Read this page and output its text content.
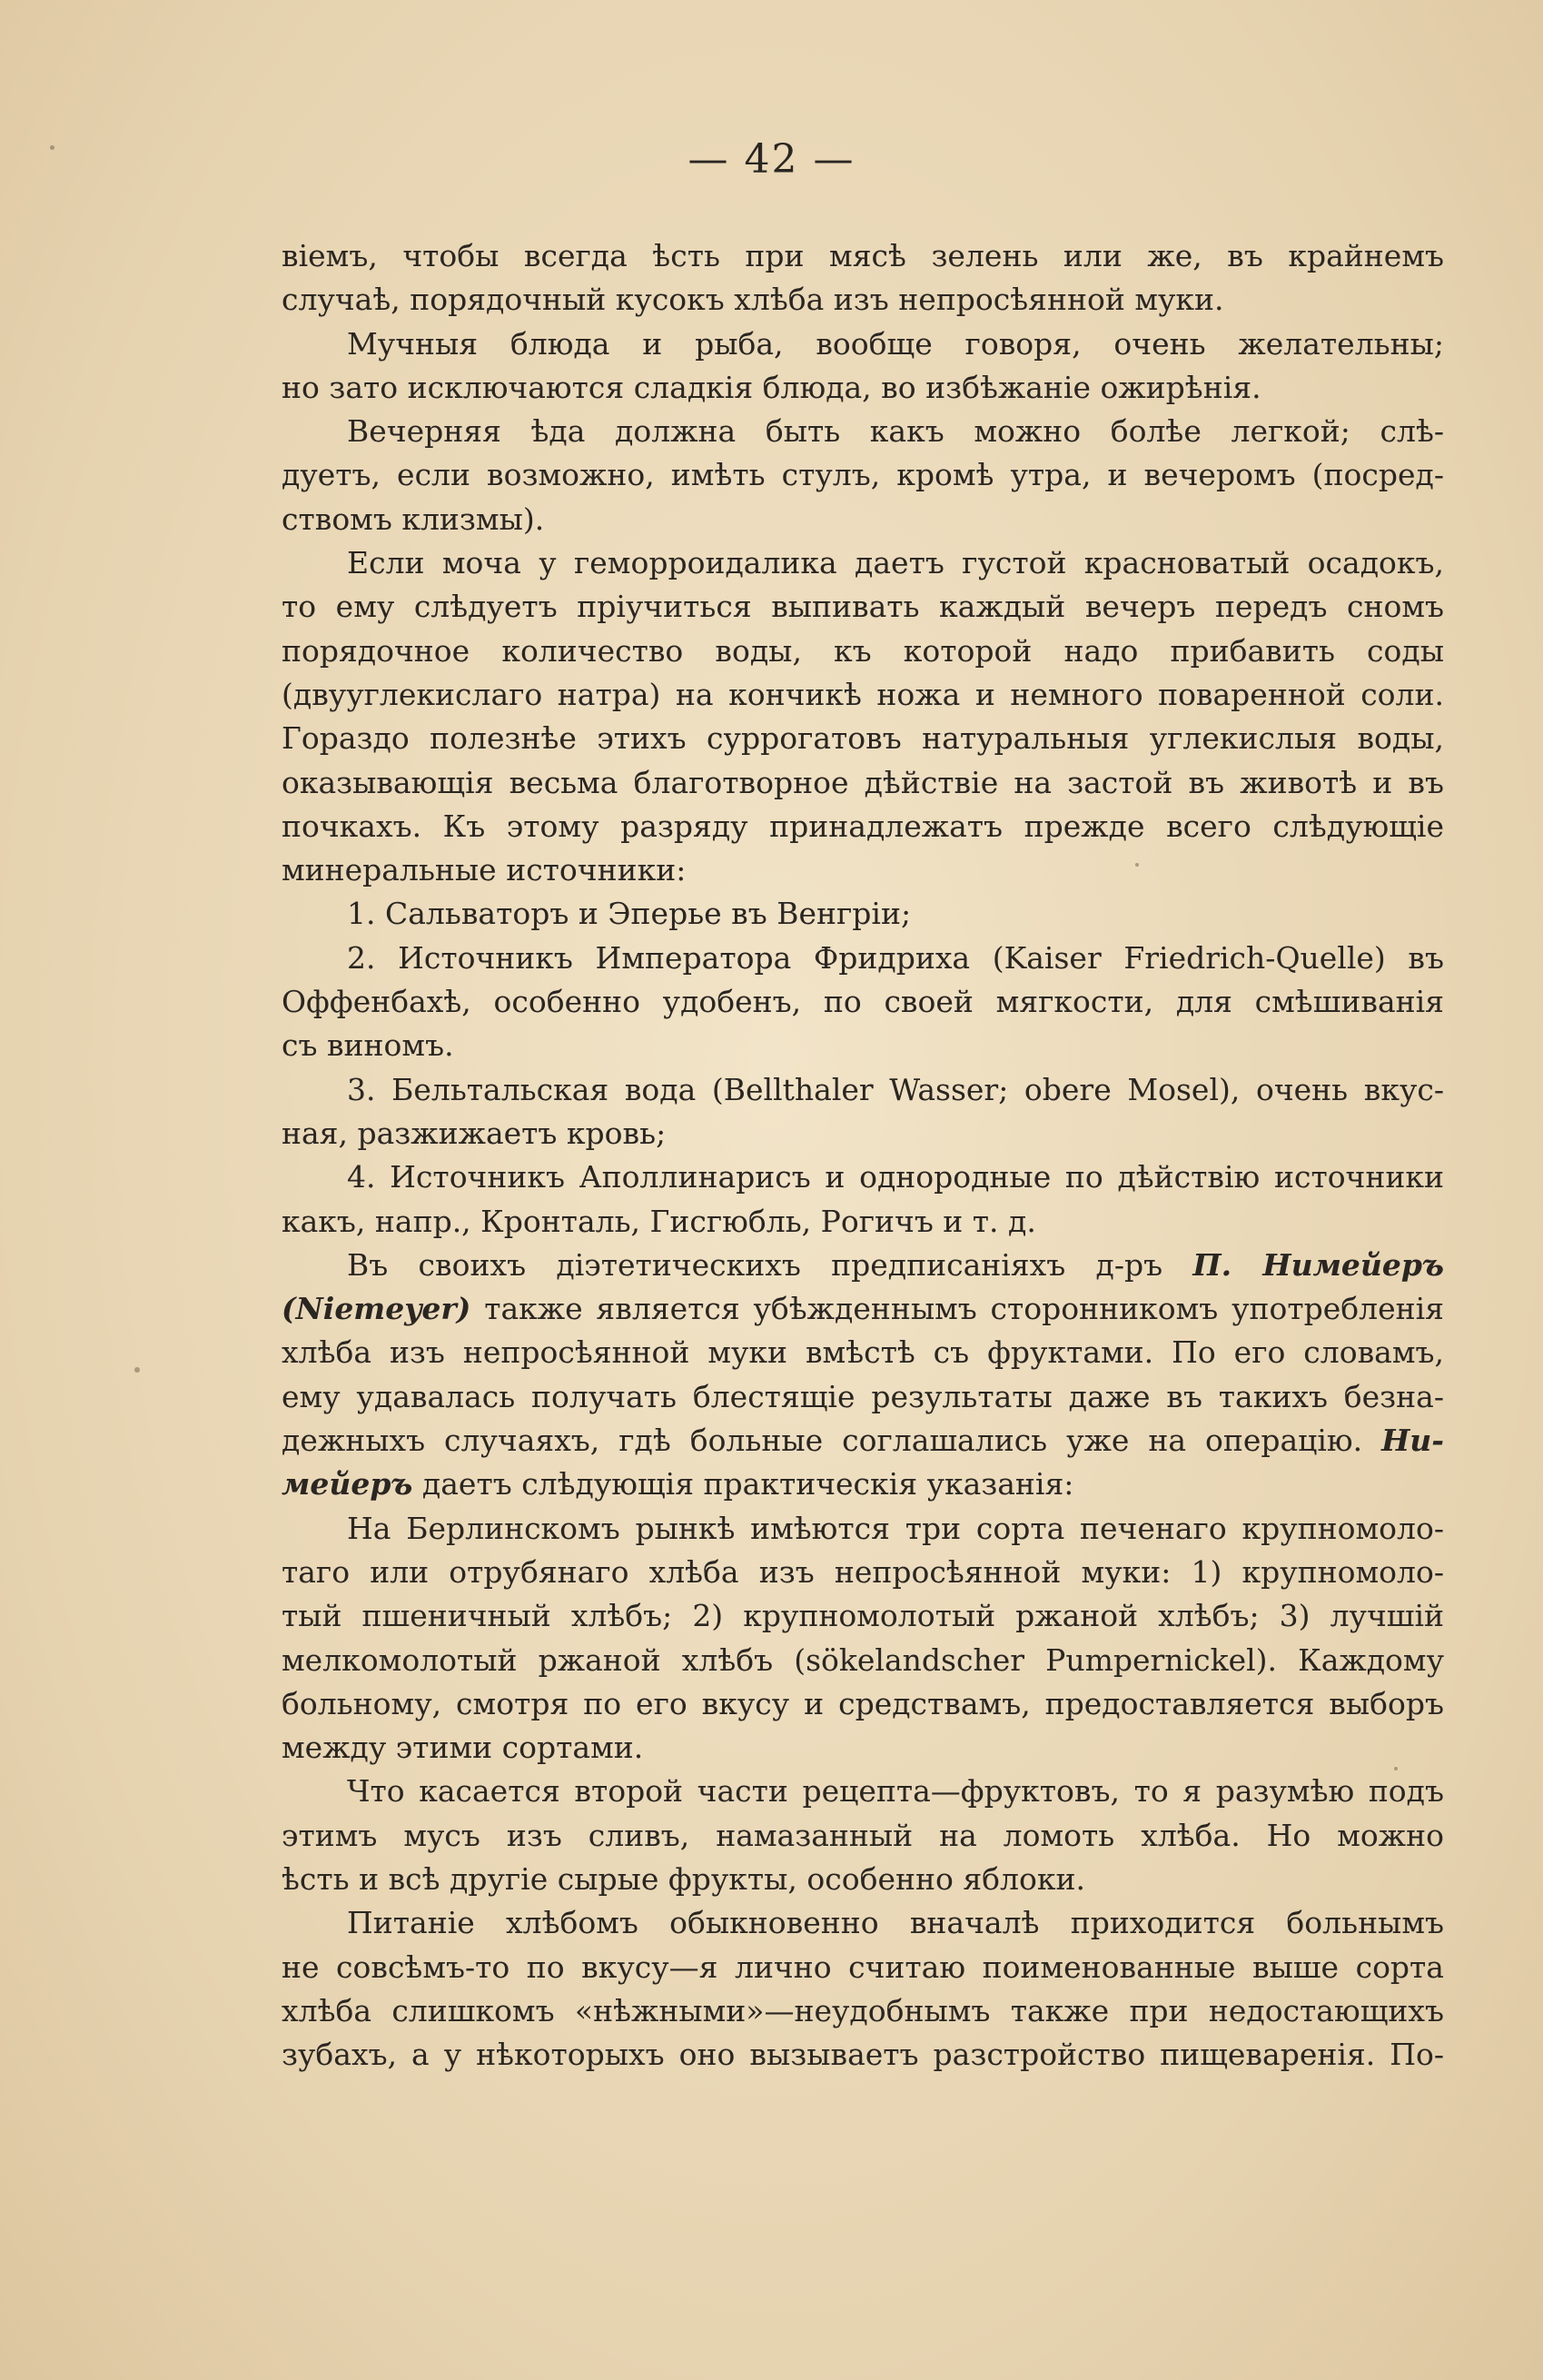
— 42 —
віемъ, чтобы всегда ѣсть при мясѣ зелень или же, въ крайнемъ
случаѣ, порядочный кусокъ хлѣба изъ непросѣянной муки.
Мучныя блюда и рыба, вообще говоря, очень желательны;
но зато исключаются сладкія блюда, во избѣжаніе ожирѣнія.
Вечерняя ѣда должна быть какъ можно болѣе легкой; слѣ-
дуетъ, если возможно, имѣть стулъ, кромѣ утра, и вечеромъ (посред-
ствомъ клизмы).
Если моча у геморроидалика даетъ густой красноватый осадокъ,
то ему слѣдуетъ пріучиться выпивать каждый вечеръ передъ сномъ
порядочное количество воды, къ которой надо прибавить соды
(двууглекислаго натра) на кончикѣ ножа и немного поваренной соли.
Гораздо полезнѣе этихъ суррогатовъ натуральныя углекислыя воды,
оказывающія весьма благотворное дѣйствіе на застой въ животѣ и въ
почкахъ. Къ этому разряду принадлежатъ прежде всего слѣдующіе
минеральные источники:
1. Сальваторъ и Эперье въ Венгріи;
2. Источникъ Императора Фридриха (Kaiser Friedrich-Quelle) въ
Оффенбахѣ, особенно удобенъ, по своей мягкости, для смѣшиванія
съ виномъ.
3. Бельтальская вода (Bellthaler Wasser; obere Mosel), очень вкус-
ная, разжижаетъ кровь;
4. Источникъ Аполлинарисъ и однородные по дѣйствію источники
какъ, напр., Кронталь, Гисгюбль, Рогичъ и т. д.
Въ своихъ діэтетическихъ предписаніяхъ д-ръ П. Нимейеръ
(Niemeyer) также является убѣжденнымъ сторонникомъ употребленія
хлѣба изъ непросѣянной муки вмѣстѣ съ фруктами. По его словамъ,
ему удавалась получать блестящіе результаты даже въ такихъ безна-
дежныхъ случаяхъ, гдѣ больные соглашались уже на операцію. Ни-
мейеръ даетъ слѣдующія практическія указанія:
На Берлинскомъ рынкѣ имѣются три сорта печенаго крупномоло-
таго или отрубянаго хлѣба изъ непросѣянной муки: 1) крупномоло-
тый пшеничный хлѣбъ; 2) крупномолотый ржаной хлѣбъ; 3) лучшій
мелкомолотый ржаной хлѣбъ (sökelandscher Pumpernickel). Каждому
больному, смотря по его вкусу и средствамъ, предоставляется выборъ
между этими сортами.
Что касается второй части рецепта—фруктовъ, то я разумѣю подъ
этимъ мусъ изъ сливъ, намазанный на ломоть хлѣба. Но можно
ѣсть и всѣ другіе сырые фрукты, особенно яблоки.
Питаніе хлѣбомъ обыкновенно вначалѣ приходится больнымъ
не совсѣмъ-то по вкусу—я лично считаю поименованные выше сорта
хлѣба слишкомъ «нѣжными»—неудобнымъ также при недостающихъ
зубахъ, а у нѣкоторыхъ оно вызываетъ разстройство пищеваренія. По-
